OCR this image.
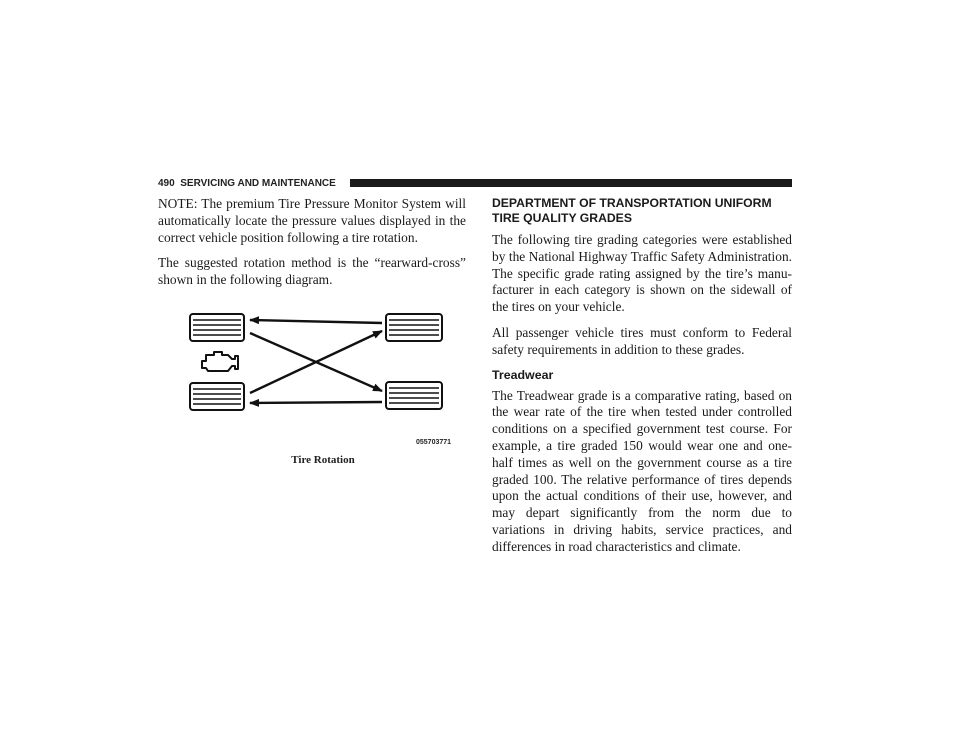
490 SERVICING AND MAINTENANCE

NOTE: The premium Tire Pressure Monitor System will automatically locate the pressure values displayed in the correct vehicle position following a tire rotation.

The suggested rotation method is the “rearward-cross” shown in the following diagram.

055703771
Tire Rotation
DEPARTMENT OF TRANSPORTATION UNIFORM
TIRE QUALITY GRADES

The following tire grading categories were established by the National Highway Traffic Safety Administration. The specific grade rating assigned by the tire’s manufacturer in each category is shown on the sidewall of the tires on your vehicle.

All passenger vehicle tires must conform to Federal safety requirements in addition to these grades.

Treadwear

The Treadwear grade is a comparative rating, based on the wear rate of the tire when tested under controlled conditions on a specified government test course. For example, a tire graded 150 would wear one and one-half times as well on the government course as a tire graded 100. The relative performance of tires depends upon the actual conditions of their use, however, and may depart significantly from the norm due to variations in driving habits, service practices, and differences in road characteristics and climate.
